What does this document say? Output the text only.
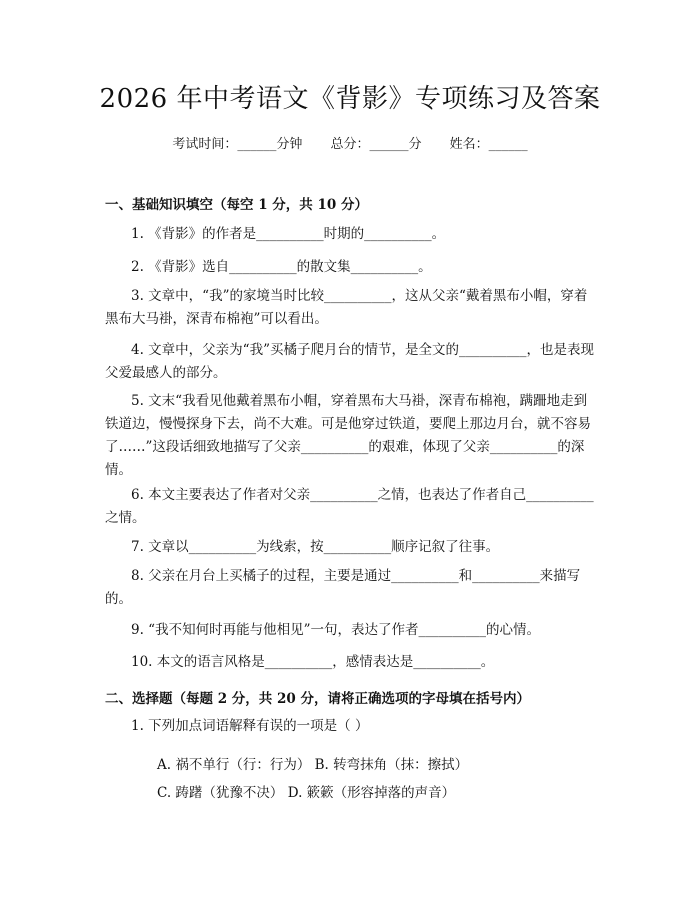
2026 年中考语文《背影》专项练习及答案
考试时间：______分钟 总分：______分 姓名：______
一、基础知识填空（每空 1 分，共 10 分）

1. 《背影》的作者是__________时期的__________。

2. 《背影》选自__________的散文集__________。

3. 文章中，“我”的家境当时比较__________，这从父亲“戴着黑布小帽，穿着黑布大马褂，深青布棉袍”可以看出。

4. 文章中，父亲为“我”买橘子爬月台的情节，是全文的__________，也是表现父爱最感人的部分。

5. 文末“我看见他戴着黑布小帽，穿着黑布大马褂，深青布棉袍，蹒跚地走到铁道边，慢慢探身下去，尚不大难。可是他穿过铁道，要爬上那边月台，就不容易了……”这段话细致地描写了父亲__________的艰难，体现了父亲__________的深情。

6. 本文主要表达了作者对父亲__________之情，也表达了作者自己__________之情。

7. 文章以__________为线索，按__________顺序记叙了往事。

8. 父亲在月台上买橘子的过程，主要是通过__________和__________来描写的。

9. “我不知何时再能与他相见”一句，表达了作者__________的心情。

10. 本文的语言风格是__________，感情表达是__________。

二、选择题（每题 2 分，共 20 分，请将正确选项的字母填在括号内）

1. 下列加点词语解释有误的一项是（ ）

A. 祸不单行（行：行为） B. 转弯抹角（抹：擦拭）
C. 踌躇（犹豫不决） D. 簌簌（形容掉落的声音）
